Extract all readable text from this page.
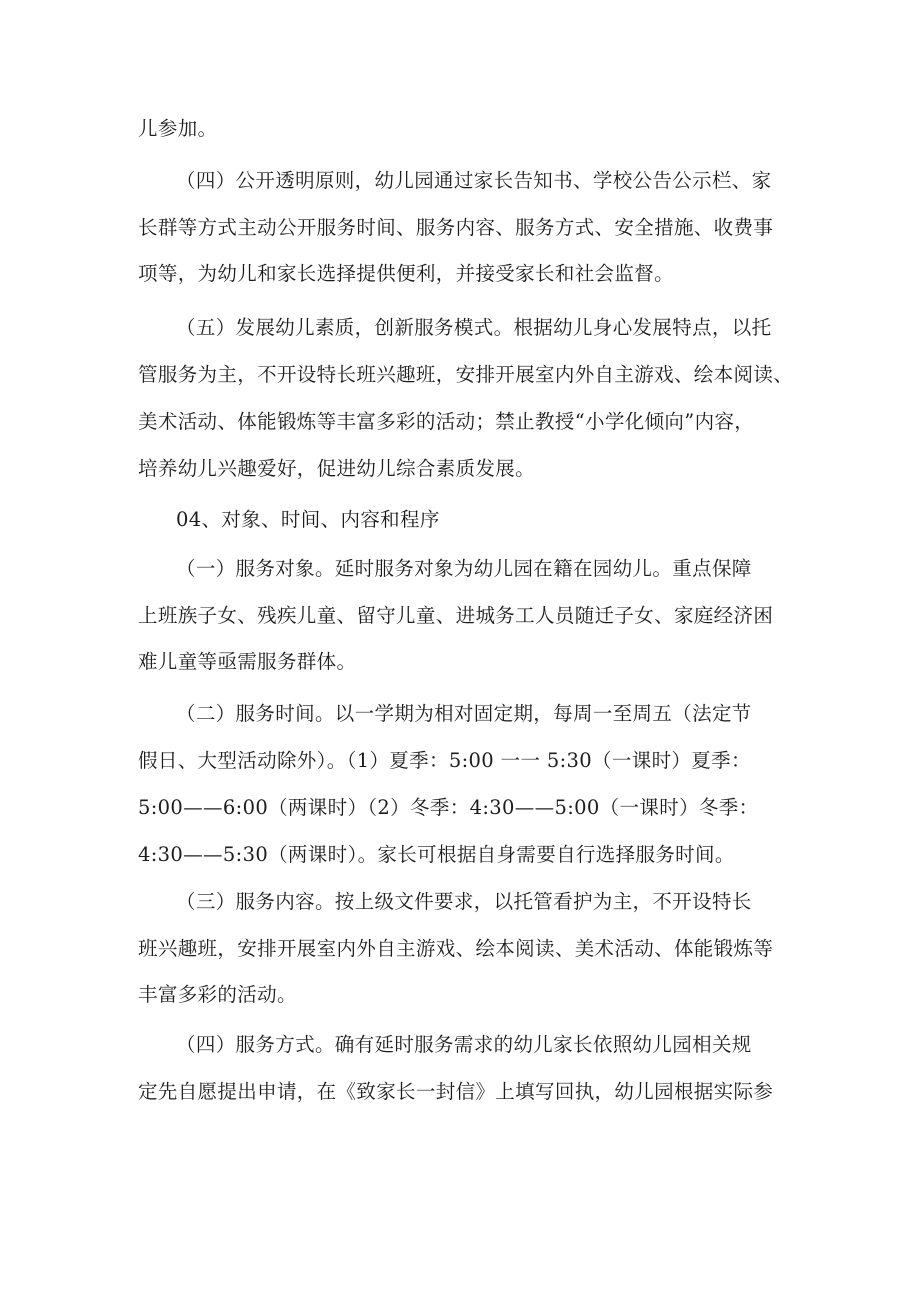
儿参加。
（四）公开透明原则，幼儿园通过家长告知书、学校公告公示栏、家
长群等方式主动公开服务时间、服务内容、服务方式、安全措施、收费事
项等，为幼儿和家长选择提供便利，并接受家长和社会监督。
（五）发展幼儿素质，创新服务模式。根据幼儿身心发展特点，以托
管服务为主，不开设特长班兴趣班，安排开展室内外自主游戏、绘本阅读、
美术活动、体能锻炼等丰富多彩的活动；禁止教授“小学化倾向”内容，
培养幼儿兴趣爱好，促进幼儿综合素质发展。
04、对象、时间、内容和程序
（一）服务对象。延时服务对象为幼儿园在籍在园幼儿。重点保障
上班族子女、残疾儿童、留守儿童、进城务工人员随迁子女、家庭经济困
难儿童等亟需服务群体。
（二）服务时间。以一学期为相对固定期，每周一至周五（法定节
假日、大型活动除外）。（1）夏季：5:00 一一 5:30（一课时）夏季：
5:00——6:00（两课时）（2）冬季：4:30——5:00（一课时）冬季：
4:30——5:30（两课时）。家长可根据自身需要自行选择服务时间。
（三）服务内容。按上级文件要求，以托管看护为主，不开设特长
班兴趣班，安排开展室内外自主游戏、绘本阅读、美术活动、体能锻炼等
丰富多彩的活动。
（四）服务方式。确有延时服务需求的幼儿家长依照幼儿园相关规
定先自愿提出申请，在《致家长一封信》上填写回执，幼儿园根据实际参
